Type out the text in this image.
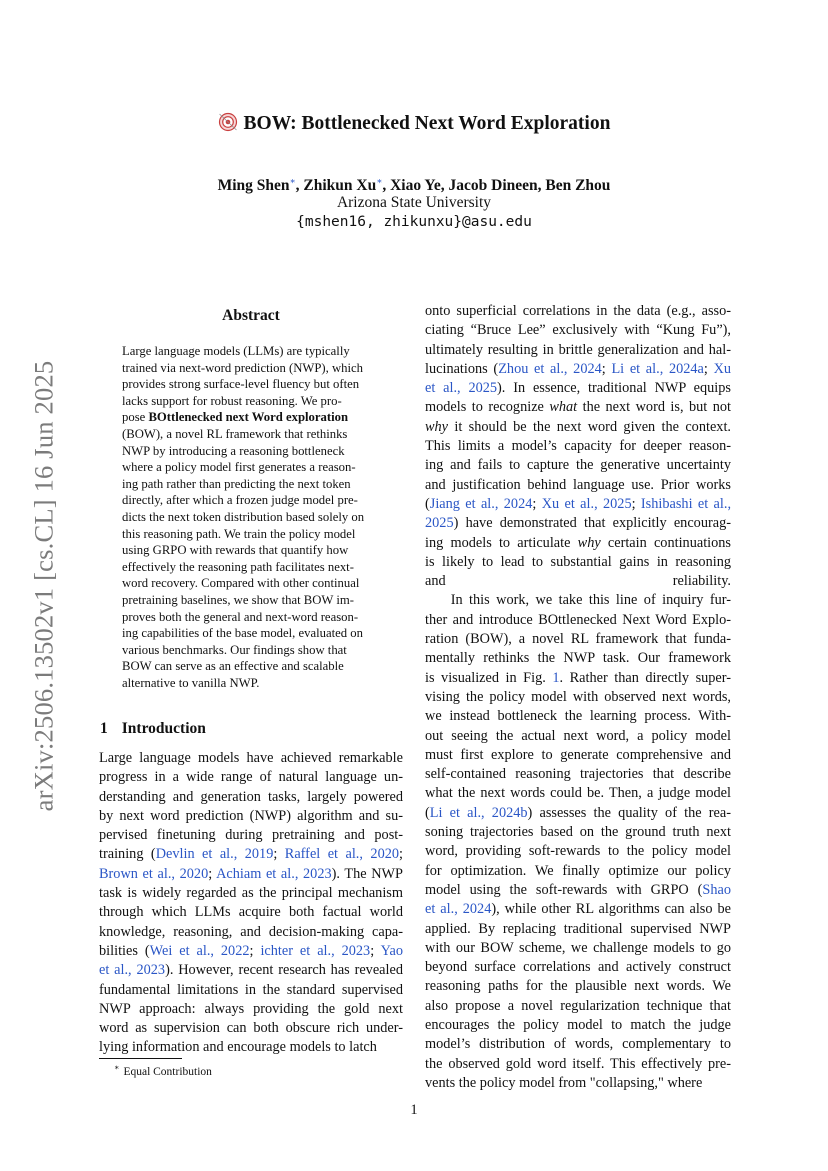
arXiv:2506.13502v1 [cs.CL] 16 Jun 2025
BOW: Bottlenecked Next Word Exploration
Ming Shen∗, Zhikun Xu∗, Xiao Ye, Jacob Dineen, Ben Zhou
Arizona State University
{mshen16, zhikunxu}@asu.edu
Abstract
Large language models (LLMs) are typically
trained via next-word prediction (NWP), which
provides strong surface-level fluency but often
lacks support for robust reasoning. We pro-
pose BOttlenecked next Word exploration
(BOW), a novel RL framework that rethinks
NWP by introducing a reasoning bottleneck
where a policy model first generates a reason-
ing path rather than predicting the next token
directly, after which a frozen judge model pre-
dicts the next token distribution based solely on
this reasoning path. We train the policy model
using GRPO with rewards that quantify how
effectively the reasoning path facilitates next-
word recovery. Compared with other continual
pretraining baselines, we show that BOW im-
proves both the general and next-word reason-
ing capabilities of the base model, evaluated on
various benchmarks. Our findings show that
BOW can serve as an effective and scalable
alternative to vanilla NWP.
1 Introduction
Large language models have achieved remarkable
progress in a wide range of natural language un-
derstanding and generation tasks, largely powered
by next word prediction (NWP) algorithm and su-
pervised finetuning during pretraining and post-
training (Devlin et al., 2019; Raffel et al., 2020;
Brown et al., 2020; Achiam et al., 2023). The NWP
task is widely regarded as the principal mechanism
through which LLMs acquire both factual world
knowledge, reasoning, and decision-making capa-
bilities (Wei et al., 2022; ichter et al., 2023; Yao
et al., 2023). However, recent research has revealed
fundamental limitations in the standard supervised
NWP approach: always providing the gold next
word as supervision can both obscure rich under-
lying information and encourage models to latch
onto superficial correlations in the data (e.g., asso-
ciating “Bruce Lee” exclusively with “Kung Fu”),
ultimately resulting in brittle generalization and hal-
lucinations (Zhou et al., 2024; Li et al., 2024a; Xu
et al., 2025). In essence, traditional NWP equips
models to recognize what the next word is, but not
why it should be the next word given the context.
This limits a model’s capacity for deeper reason-
ing and fails to capture the generative uncertainty
and justification behind language use. Prior works
(Jiang et al., 2024; Xu et al., 2025; Ishibashi et al.,
2025) have demonstrated that explicitly encourag-
ing models to articulate why certain continuations
is likely to lead to substantial gains in reasoning
and reliability.
In this work, we take this line of inquiry fur-
ther and introduce BOttlenecked Next Word Explo-
ration (BOW), a novel RL framework that funda-
mentally rethinks the NWP task. Our framework
is visualized in Fig. 1. Rather than directly super-
vising the policy model with observed next words,
we instead bottleneck the learning process. With-
out seeing the actual next word, a policy model
must first explore to generate comprehensive and
self-contained reasoning trajectories that describe
what the next words could be. Then, a judge model
(Li et al., 2024b) assesses the quality of the rea-
soning trajectories based on the ground truth next
word, providing soft-rewards to the policy model
for optimization. We finally optimize our policy
model using the soft-rewards with GRPO (Shao
et al., 2024), while other RL algorithms can also be
applied. By replacing traditional supervised NWP
with our BOW scheme, we challenge models to go
beyond surface correlations and actively construct
reasoning paths for the plausible next words. We
also propose a novel regularization technique that
encourages the policy model to match the judge
model’s distribution of words, complementary to
the observed gold word itself. This effectively pre-
vents the policy model from "collapsing," where
∗ Equal Contribution
1
